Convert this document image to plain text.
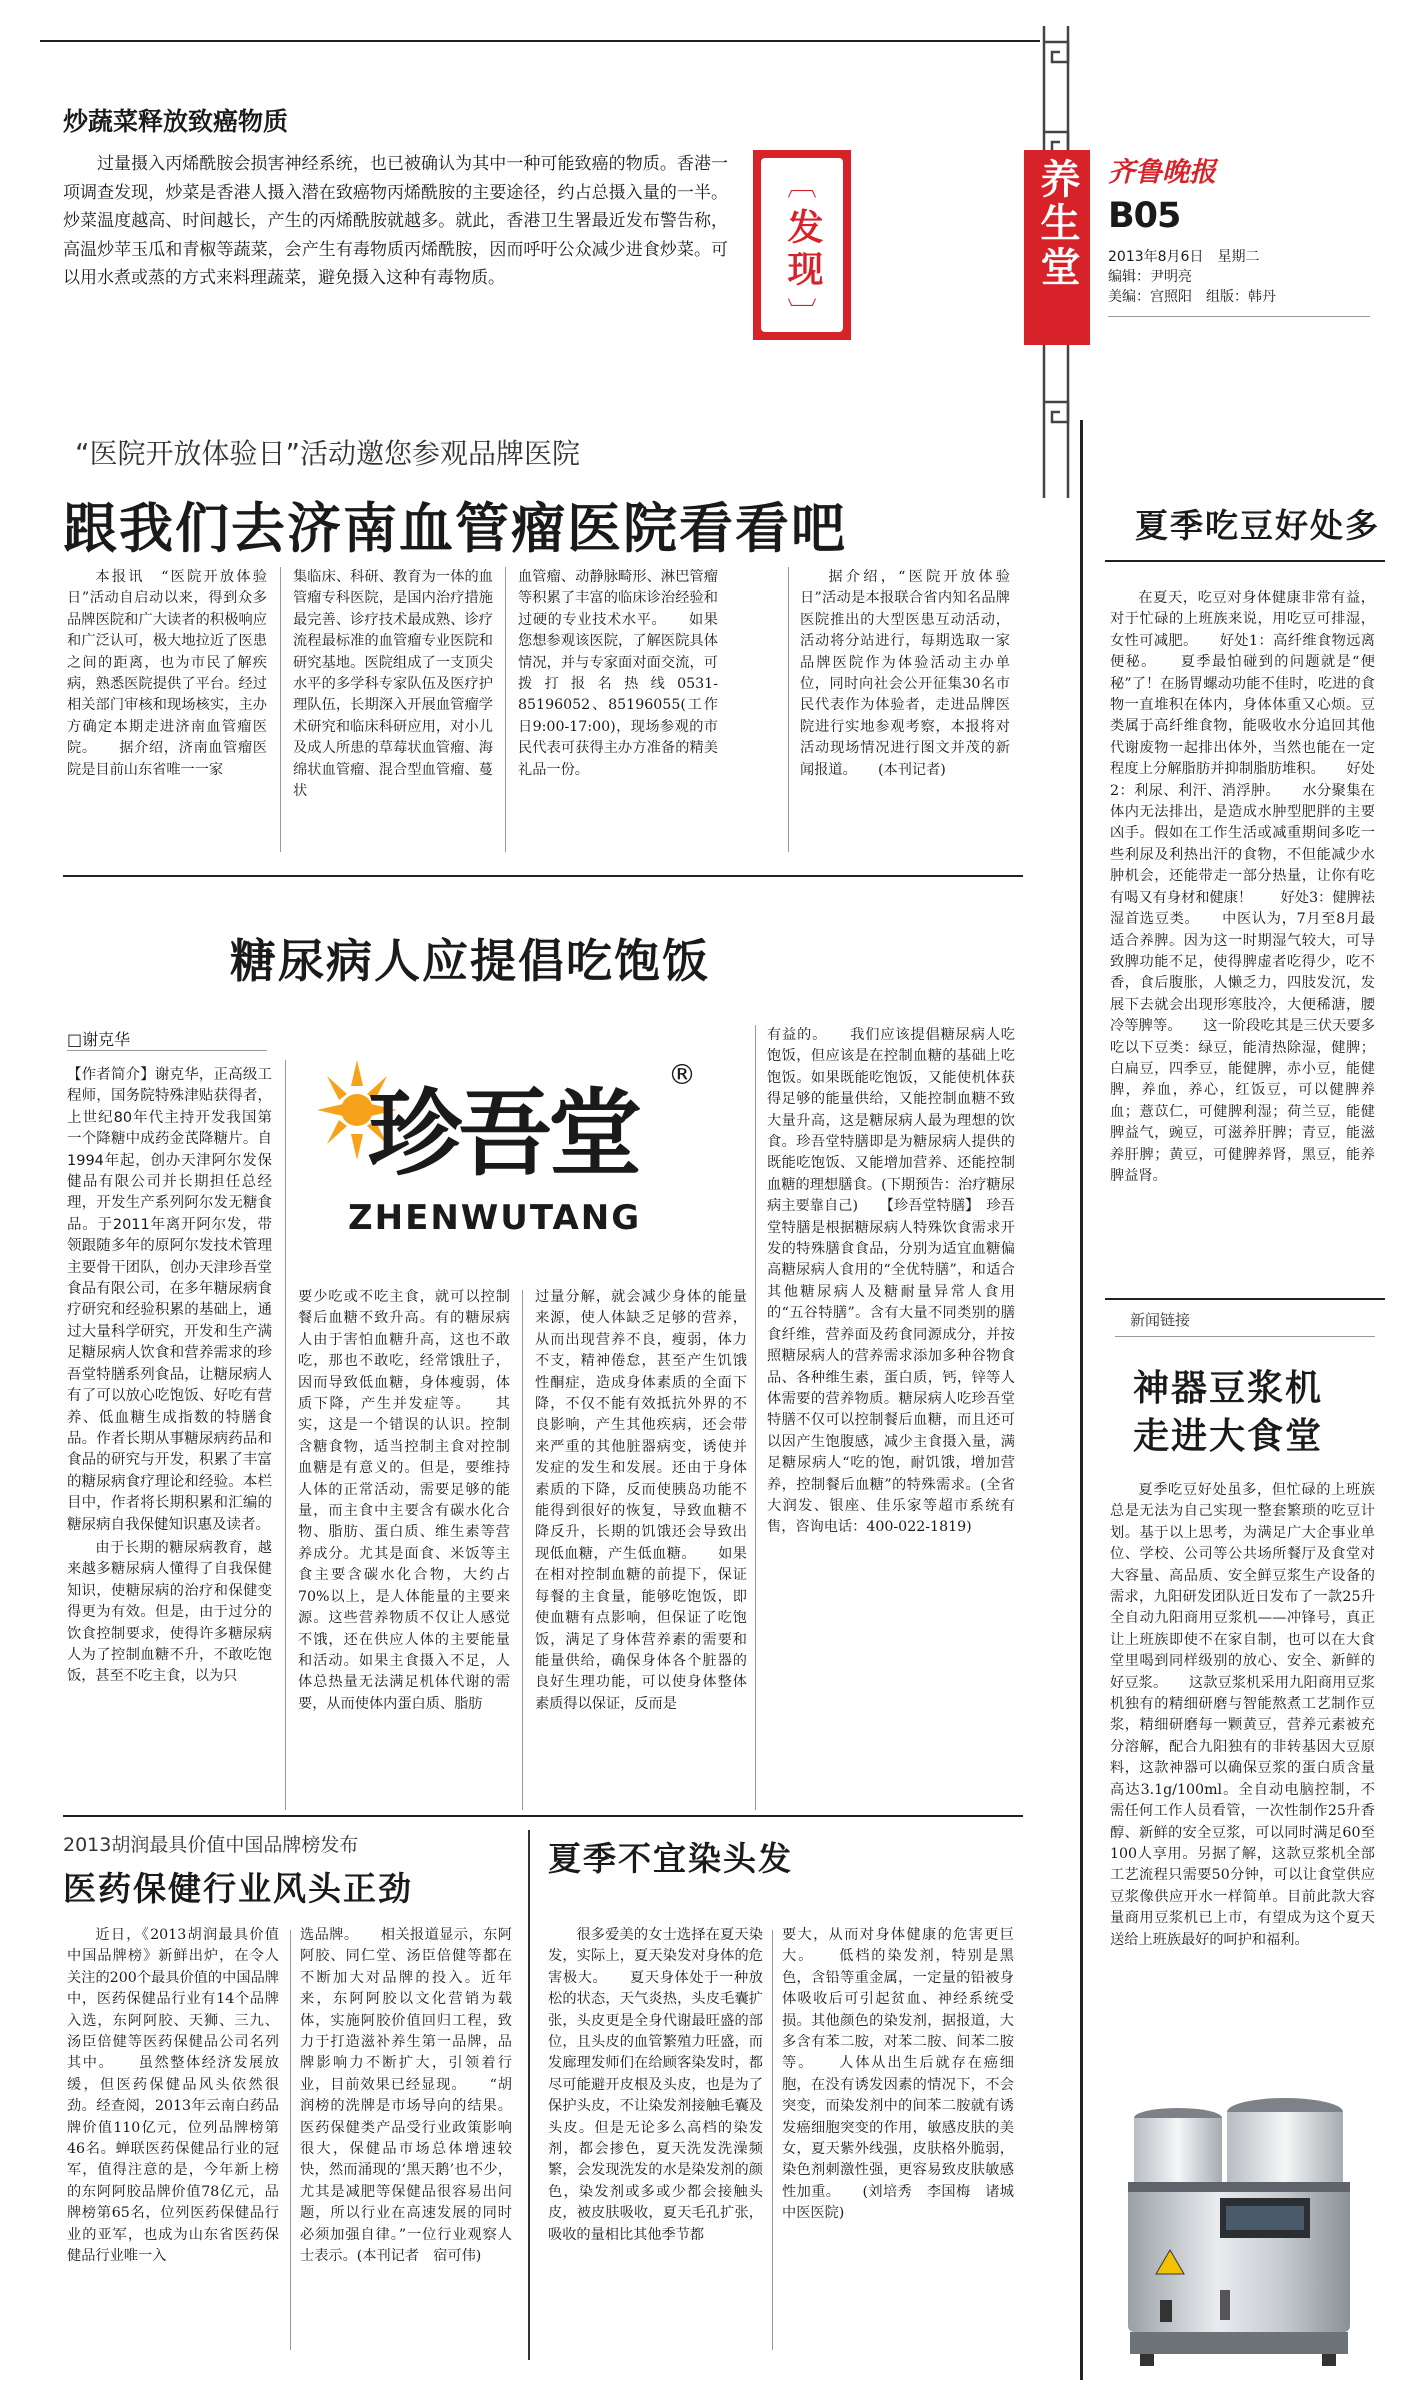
炒蔬菜释放致癌物质
过量摄入丙烯酰胺会损害神经系统，也已被确认为其中一种可能致癌的物质。香港一项调查发现，炒菜是香港人摄入潜在致癌物丙烯酰胺的主要途径，约占总摄入量的一半。炒菜温度越高、时间越长，产生的丙烯酰胺就越多。就此，香港卫生署最近发布警告称，高温炒苹玉瓜和青椒等蔬菜，会产生有毒物质丙烯酰胺，因而呼吁公众减少进食炒菜。可以用水煮或蒸的方式来料理蔬菜，避免摄入这种有毒物质。
︹
发现
︺
养生堂 齐鲁晚报
B05
2013年8月6日　星期二
编辑：尹明亮
美编：宫照阳　组版：韩丹
“医院开放体验日”活动邀您参观品牌医院
跟我们去济南血管瘤医院看看吧
本报讯　“医院开放体验日”活动自启动以来，得到众多品牌医院和广大读者的积极响应和广泛认可，极大地拉近了医患之间的距离，也为市民了解疾病，熟悉医院提供了平台。经过相关部门审核和现场核实，主办方确定本期走进济南血管瘤医院。　　据介绍，济南血管瘤医院是目前山东省唯一一家
集临床、科研、教育为一体的血管瘤专科医院，是国内治疗措施最完善、诊疗技术最成熟、诊疗流程最标准的血管瘤专业医院和研究基地。医院组成了一支顶尖水平的多学科专家队伍及医疗护理队伍，长期深入开展血管瘤学术研究和临床科研应用，对小儿及成人所患的草莓状血管瘤、海绵状血管瘤、混合型血管瘤、蔓状
血管瘤、动静脉畸形、淋巴管瘤等积累了丰富的临床诊治经验和过硬的专业技术水平。　　如果您想参观该医院，了解医院具体情况，并与专家面对面交流，可拨打报名热线0531-85196052、85196055(工作日9:00-17:00)，现场参观的市民代表可获得主办方准备的精美礼品一份。
据介绍，“医院开放体验日”活动是本报联合省内知名品牌医院推出的大型医患互动活动，活动将分站进行，每期选取一家品牌医院作为体验活动主办单位，同时向社会公开征集30名市民代表作为体验者，走进品牌医院进行实地参观考察，本报将对活动现场情况进行图文并茂的新闻报道。　　(本刊记者)
糖尿病人应提倡吃饱饭
□谢克华
【作者简介】谢克华，正高级工程师，国务院特殊津贴获得者，上世纪80年代主持开发我国第一个降糖中成药金芪降糖片。自1994年起，创办天津阿尔发保健品有限公司并长期担任总经理，开发生产系列阿尔发无糖食品。于2011年离开阿尔发，带领跟随多年的原阿尔发技术管理主要骨干团队，创办天津珍吾堂食品有限公司，在多年糖尿病食疗研究和经验积累的基础上，通过大量科学研究，开发和生产满足糖尿病人饮食和营养需求的珍吾堂特膳系列食品，让糖尿病人有了可以放心吃饱饭、好吃有营养、低血糖生成指数的特膳食品。作者长期从事糖尿病药品和食品的研究与开发，积累了丰富的糖尿病食疗理论和经验。本栏目中，作者将长期积累和汇编的糖尿病自我保健知识惠及读者。
由于长期的糖尿病教育，越来越多糖尿病人懂得了自我保健知识，使糖尿病的治疗和保健变得更为有效。但是，由于过分的饮食控制要求，使得许多糖尿病人为了控制血糖不升，不敢吃饱饭，甚至不吃主食，以为只
珍吾堂
®
ZHENWUTANG
要少吃或不吃主食，就可以控制餐后血糖不致升高。有的糖尿病人由于害怕血糖升高，这也不敢吃，那也不敢吃，经常饿肚子，因而导致低血糖，身体瘦弱，体质下降，产生并发症等。　　其实，这是一个错误的认识。控制含糖食物，适当控制主食对控制血糖是有意义的。但是，要维持人体的正常活动，需要足够的能量，而主食中主要含有碳水化合物、脂肪、蛋白质、维生素等营养成分。尤其是面食、米饭等主食主要含碳水化合物，大约占70%以上，是人体能量的主要来源。这些营养物质不仅让人感觉不饿，还在供应人体的主要能量和活动。如果主食摄入不足，人体总热量无法满足机体代谢的需要，从而使体内蛋白质、脂肪
过量分解，就会减少身体的能量来源，使人体缺乏足够的营养，从而出现营养不良，瘦弱，体力不支，精神倦怠，甚至产生饥饿性酮症，造成身体素质的全面下降，不仅不能有效抵抗外界的不良影响，产生其他疾病，还会带来严重的其他脏器病变，诱使并发症的发生和发展。还由于身体素质的下降，反而使胰岛功能不能得到很好的恢复，导致血糖不降反升，长期的饥饿还会导致出现低血糖，产生低血糖。　　如果在相对控制血糖的前提下，保证每餐的主食量，能够吃饱饭，即使血糖有点影响，但保证了吃饱饭，满足了身体营养素的需要和能量供给，确保身体各个脏器的良好生理功能，可以使身体整体素质得以保证，反而是
有益的。　　我们应该提倡糖尿病人吃饱饭，但应该是在控制血糖的基础上吃饱饭。如果既能吃饱饭，又能使机体获得足够的能量供给，又能控制血糖不致大量升高，这是糖尿病人最为理想的饮食。珍吾堂特膳即是为糖尿病人提供的既能吃饱饭、又能增加营养、还能控制血糖的理想膳食。(下期预告：治疗糖尿病主要靠自己)　　【珍吾堂特膳】　珍吾堂特膳是根据糖尿病人特殊饮食需求开发的特殊膳食食品，分别为适宜血糖偏高糖尿病人食用的“全优特膳”，和适合其他糖尿病人及糖耐量异常人食用的“五谷特膳”。含有大量不同类别的膳食纤维，营养面及药食同源成分，并按照糖尿病人的营养需求添加多种谷物食品、各种维生素，蛋白质，钙，锌等人体需要的营养物质。糖尿病人吃珍吾堂特膳不仅可以控制餐后血糖，而且还可以因产生饱腹感，减少主食摄入量，满足糖尿病人“吃的饱，耐饥饿，增加营养，控制餐后血糖”的特殊需求。(全省大润发、银座、佳乐家等超市系统有售，咨询电话：400-022-1819)
2013胡润最具价值中国品牌榜发布
医药保健行业风头正劲
近日，《2013胡润最具价值中国品牌榜》新鲜出炉，在令人关注的200个最具价值的中国品牌中，医药保健品行业有14个品牌入选，东阿阿胶、天狮、三九、汤臣倍健等医药保健品公司名列其中。　　虽然整体经济发展放缓，但医药保健品风头依然很劲。经查阅，2013年云南白药品牌价值110亿元，位列品牌榜第46名。蝉联医药保健品行业的冠军，值得注意的是，今年新上榜的东阿阿胶品牌价值78亿元，品牌榜第65名，位列医药保健品行业的亚军，也成为山东省医药保健品行业唯一入
选品牌。　　相关报道显示，东阿阿胶、同仁堂、汤臣倍健等都在不断加大对品牌的投入。近年来，东阿阿胶以文化营销为载体，实施阿胶价值回归工程，致力于打造滋补养生第一品牌，品牌影响力不断扩大，引领着行业，目前效果已经显现。　　“胡润榜的洗牌是市场导向的结果。医药保健类产品受行业政策影响很大，保健品市场总体增速较快，然而涌现的‘黑天鹅’也不少，尤其是减肥等保健品很容易出问题，所以行业在高速发展的同时必须加强自律。”一位行业观察人士表示。(本刊记者　宿可伟)
夏季不宜染头发
很多爱美的女士选择在夏天染发，实际上，夏天染发对身体的危害极大。　　夏天身体处于一种放松的状态，天气炎热，头皮毛囊扩张，头皮更是全身代谢最旺盛的部位，且头皮的血管繁殖力旺盛，而发廊理发师们在给顾客染发时，都尽可能避开皮根及头皮，也是为了保护头皮，不让染发剂接触毛囊及头皮。但是无论多么高档的染发剂，都会掺色，夏天洗发洗澡频繁，会发现洗发的水是染发剂的颜色，染发剂或多或少都会接触头皮，被皮肤吸收，夏天毛孔扩张，吸收的量相比其他季节都
要大，从而对身体健康的危害更巨大。　　低档的染发剂，特别是黑色，含铅等重金属，一定量的铅被身体吸收后可引起贫血、神经系统受损。其他颜色的染发剂，据报道，大多含有苯二胺，对苯二胺、间苯二胺等。　　人体从出生后就存在癌细胞，在没有诱发因素的情况下，不会突变，而染发剂中的间苯二胺就有诱发癌细胞突变的作用，敏感皮肤的美女，夏天紫外线强，皮肤格外脆弱，染色剂刺激性强，更容易致皮肤敏感性加重。　　(刘培秀　李国梅　诸城中医医院)
夏季吃豆好处多
在夏天，吃豆对身体健康非常有益，对于忙碌的上班族来说，用吃豆可排湿，女性可减肥。　　好处1：高纤维食物远离便秘。　　夏季最怕碰到的问题就是“便秘”了！在肠胃螺动功能不佳时，吃进的食物一直堆积在体内，身体体重又心烦。豆类属于高纤维食物，能吸收水分追回其他代谢废物一起排出体外，当然也能在一定程度上分解脂肪并抑制脂肪堆积。　　好处2：利尿、利汗、消浮肿。　　水分聚集在体内无法排出，是造成水肿型肥胖的主要凶手。假如在工作生活或减重期间多吃一些利尿及利热出汗的食物，不但能减少水肿机会，还能带走一部分热量，让你有吃有喝又有身材和健康！　　好处3：健脾祛湿首选豆类。　　中医认为，7月至8月最适合养脾。因为这一时期湿气较大，可导致脾功能不足，使得脾虚者吃得少，吃不香，食后腹胀，人懒乏力，四肢发沉，发展下去就会出现形寒肢冷，大便稀溏，腰冷等脾等。　　这一阶段吃其是三伏天要多吃以下豆类：绿豆，能清热除湿，健脾；白扁豆，四季豆，能健脾，赤小豆，能健脾，养血，养心，红饭豆，可以健脾养血；薏苡仁，可健脾利湿；荷兰豆，能健脾益气，豌豆，可滋养肝脾；青豆，能滋养肝脾；黄豆，可健脾养肾，黑豆，能养脾益肾。
新闻链接
神器豆浆机
走进大食堂
夏季吃豆好处虽多，但忙碌的上班族总是无法为自己实现一整套繁琐的吃豆计划。基于以上思考，为满足广大企事业单位、学校、公司等公共场所餐厅及食堂对大容量、高品质、安全鲜豆浆生产设备的需求，九阳研发团队近日发布了一款25升全自动九阳商用豆浆机——冲锋号，真正让上班族即使不在家自制，也可以在大食堂里喝到同样级别的放心、安全、新鲜的好豆浆。　　这款豆浆机采用九阳商用豆浆机独有的精细研磨与智能熬煮工艺制作豆浆，精细研磨每一颗黄豆，营养元素被充分溶解，配合九阳独有的非转基因大豆原料，这款神器可以确保豆浆的蛋白质含量高达3.1g/100ml。全自动电脑控制，不需任何工作人员看管，一次性制作25升香醇、新鲜的安全豆浆，可以同时满足60至100人享用。另据了解，这款豆浆机全部工艺流程只需要50分钟，可以让食堂供应豆浆像供应开水一样简单。目前此款大容量商用豆浆机已上市，有望成为这个夏天送给上班族最好的呵护和福利。
